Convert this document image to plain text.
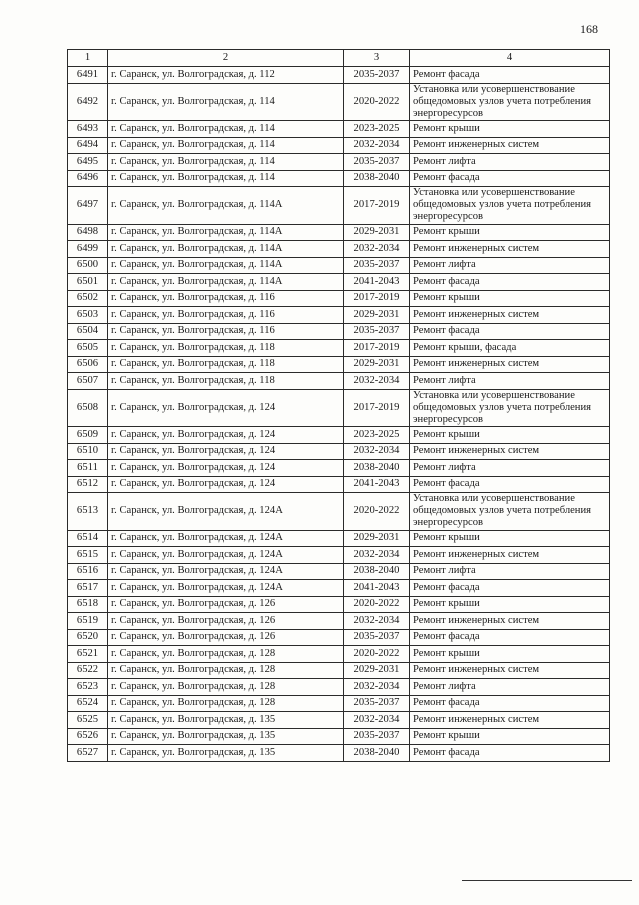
168
1	2	3	4
6491	г. Саранск, ул. Волгоградская, д. 112	2035-2037	Ремонт фасада
6492	г. Саранск, ул. Волгоградская, д. 114	2020-2022	Установка или усовершенствование общедомовых узлов учета потребления энергоресурсов
6493	г. Саранск, ул. Волгоградская, д. 114	2023-2025	Ремонт крыши
6494	г. Саранск, ул. Волгоградская, д. 114	2032-2034	Ремонт инженерных систем
6495	г. Саранск, ул. Волгоградская, д. 114	2035-2037	Ремонт лифта
6496	г. Саранск, ул. Волгоградская, д. 114	2038-2040	Ремонт фасада
6497	г. Саранск, ул. Волгоградская, д. 114А	2017-2019	Установка или усовершенствование общедомовых узлов учета потребления энергоресурсов
6498	г. Саранск, ул. Волгоградская, д. 114А	2029-2031	Ремонт крыши
6499	г. Саранск, ул. Волгоградская, д. 114А	2032-2034	Ремонт инженерных систем
6500	г. Саранск, ул. Волгоградская, д. 114А	2035-2037	Ремонт лифта
6501	г. Саранск, ул. Волгоградская, д. 114А	2041-2043	Ремонт фасада
6502	г. Саранск, ул. Волгоградская, д. 116	2017-2019	Ремонт крыши
6503	г. Саранск, ул. Волгоградская, д. 116	2029-2031	Ремонт инженерных систем
6504	г. Саранск, ул. Волгоградская, д. 116	2035-2037	Ремонт фасада
6505	г. Саранск, ул. Волгоградская, д. 118	2017-2019	Ремонт крыши, фасада
6506	г. Саранск, ул. Волгоградская, д. 118	2029-2031	Ремонт инженерных систем
6507	г. Саранск, ул. Волгоградская, д. 118	2032-2034	Ремонт лифта
6508	г. Саранск, ул. Волгоградская, д. 124	2017-2019	Установка или усовершенствование общедомовых узлов учета потребления энергоресурсов
6509	г. Саранск, ул. Волгоградская, д. 124	2023-2025	Ремонт крыши
6510	г. Саранск, ул. Волгоградская, д. 124	2032-2034	Ремонт инженерных систем
6511	г. Саранск, ул. Волгоградская, д. 124	2038-2040	Ремонт лифта
6512	г. Саранск, ул. Волгоградская, д. 124	2041-2043	Ремонт фасада
6513	г. Саранск, ул. Волгоградская, д. 124А	2020-2022	Установка или усовершенствование общедомовых узлов учета потребления энергоресурсов
6514	г. Саранск, ул. Волгоградская, д. 124А	2029-2031	Ремонт крыши
6515	г. Саранск, ул. Волгоградская, д. 124А	2032-2034	Ремонт инженерных систем
6516	г. Саранск, ул. Волгоградская, д. 124А	2038-2040	Ремонт лифта
6517	г. Саранск, ул. Волгоградская, д. 124А	2041-2043	Ремонт фасада
6518	г. Саранск, ул. Волгоградская, д. 126	2020-2022	Ремонт крыши
6519	г. Саранск, ул. Волгоградская, д. 126	2032-2034	Ремонт инженерных систем
6520	г. Саранск, ул. Волгоградская, д. 126	2035-2037	Ремонт фасада
6521	г. Саранск, ул. Волгоградская, д. 128	2020-2022	Ремонт крыши
6522	г. Саранск, ул. Волгоградская, д. 128	2029-2031	Ремонт инженерных систем
6523	г. Саранск, ул. Волгоградская, д. 128	2032-2034	Ремонт лифта
6524	г. Саранск, ул. Волгоградская, д. 128	2035-2037	Ремонт фасада
6525	г. Саранск, ул. Волгоградская, д. 135	2032-2034	Ремонт инженерных систем
6526	г. Саранск, ул. Волгоградская, д. 135	2035-2037	Ремонт крыши
6527	г. Саранск, ул. Волгоградская, д. 135	2038-2040	Ремонт фасада
